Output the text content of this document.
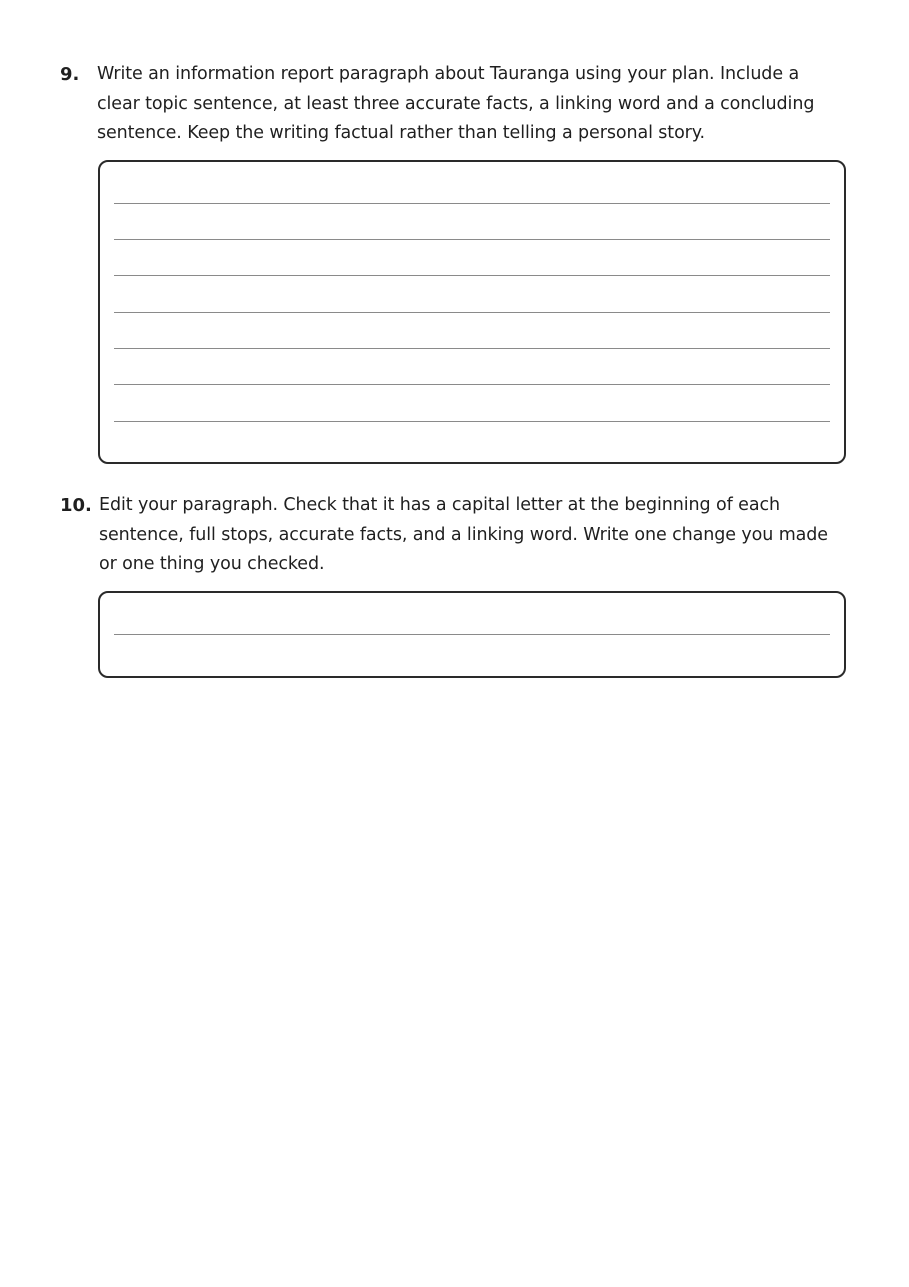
9. Write an information report paragraph about Tauranga using your plan. Include a clear topic sentence, at least three accurate facts, a linking word and a concluding sentence. Keep the writing factual rather than telling a personal story.
10. Edit your paragraph. Check that it has a capital letter at the beginning of each sentence, full stops, accurate facts, and a linking word. Write one change you made or one thing you checked.
